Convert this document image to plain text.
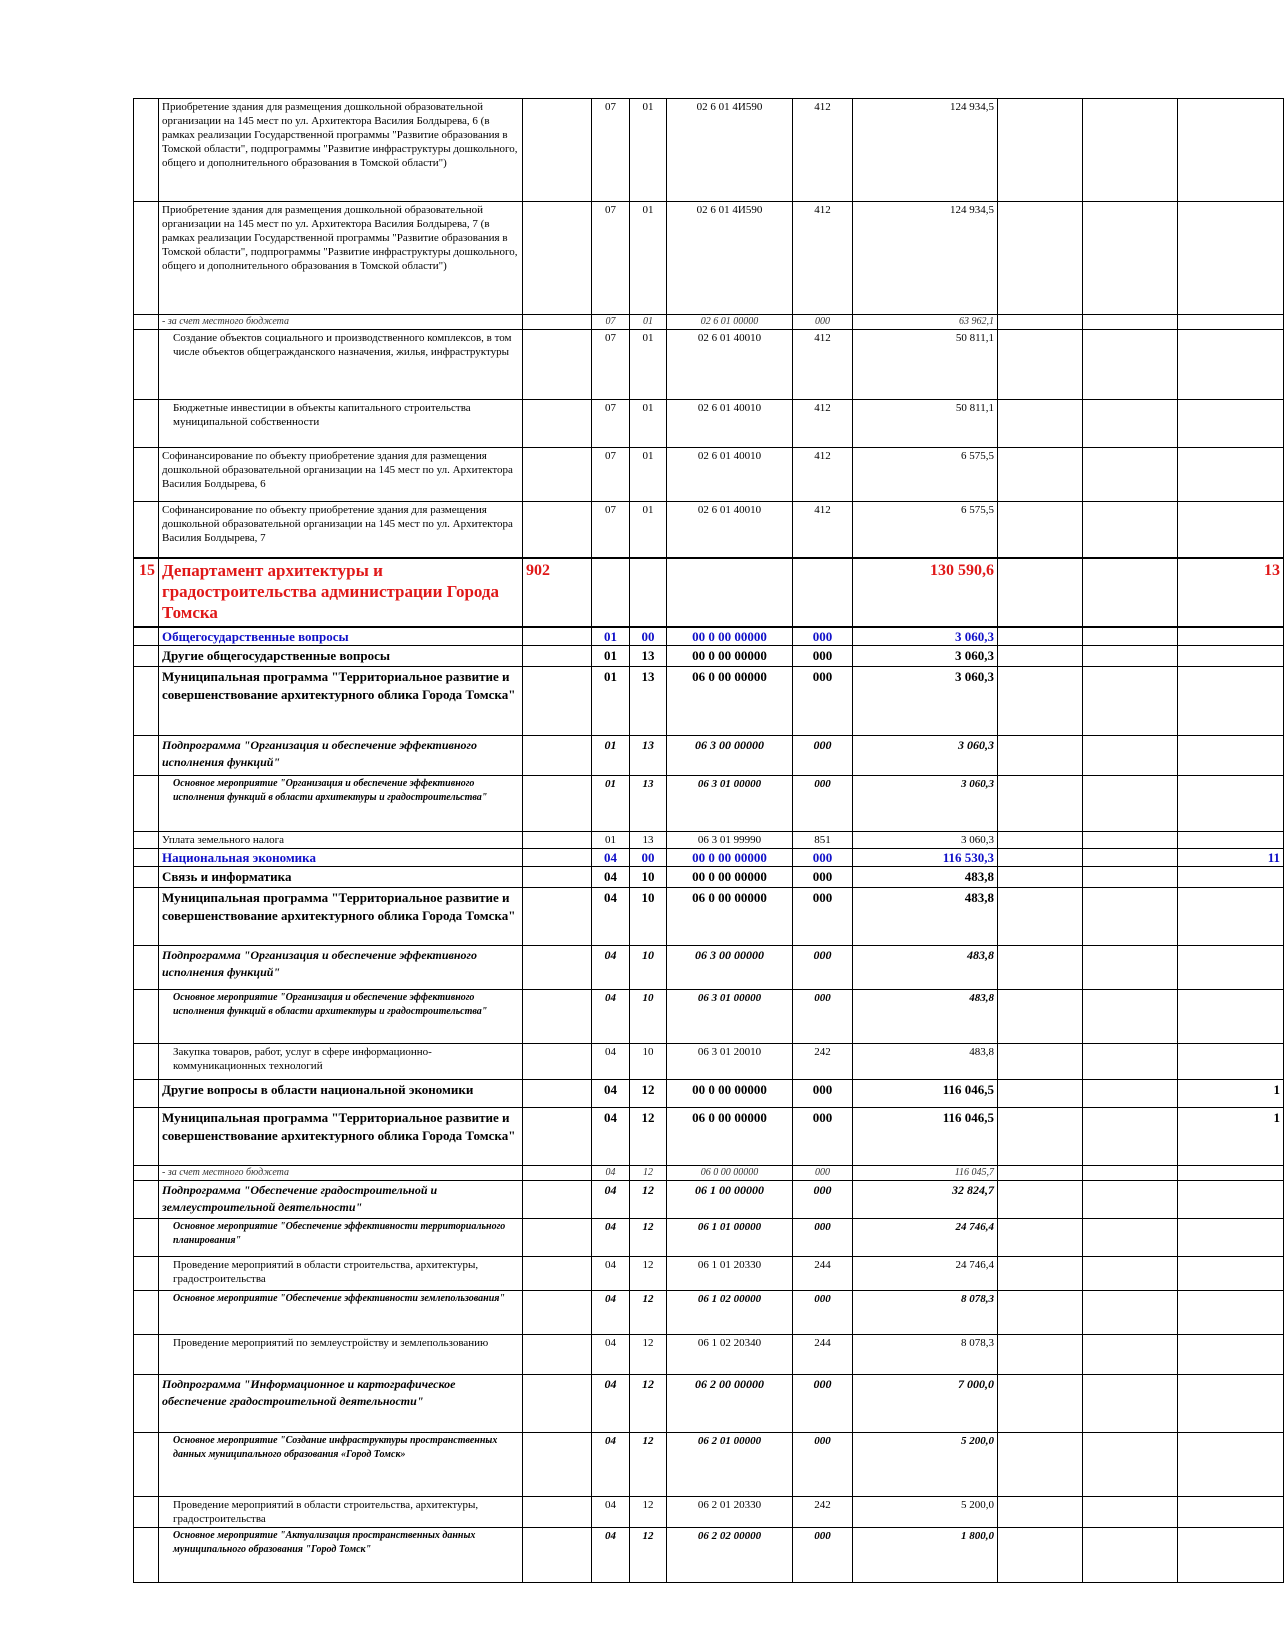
	Приобретение здания для размещения дошкольной образовательной организации на 145 мест по ул. Архитектора Василия Болдырева, 6 (в рамках реализации Государственной программы "Развитие образования в Томской области", подпрограммы "Развитие инфраструктуры дошкольного, общего и дополнительного образования в Томской области")		07	01	02 6 01 4И590	412	124 934,5			
	Приобретение здания для размещения дошкольной образовательной организации на 145 мест по ул. Архитектора Василия Болдырева, 7 (в рамках реализации Государственной программы "Развитие образования в Томской области", подпрограммы "Развитие инфраструктуры дошкольного, общего и дополнительного образования в Томской области")		07	01	02 6 01 4И590	412	124 934,5			
	- за счет местного бюджета		07	01	02 6 01 00000	000	63 962,1			
	Создание объектов социального и производственного комплексов, в том числе объектов общегражданского назначения, жилья, инфраструктуры		07	01	02 6 01 40010	412	50 811,1			
	Бюджетные инвестиции в объекты капитального строительства муниципальной собственности		07	01	02 6 01 40010	412	50 811,1			
	Софинансирование по объекту приобретение здания для размещения дошкольной образовательной организации на 145 мест по ул. Архитектора Василия Болдырева, 6		07	01	02 6 01 40010	412	6 575,5			
	Софинансирование по объекту приобретение здания для размещения дошкольной образовательной организации на 145 мест по ул. Архитектора Василия Болдырева, 7		07	01	02 6 01 40010	412	6 575,5			
15	Департамент архитектуры и градостроительства администрации Города Томска	902					130 590,6			13
	Общегосударственные вопросы		01	00	00 0 00 00000	000	3 060,3			
	Другие общегосударственные вопросы		01	13	00 0 00 00000	000	3 060,3			
	Муниципальная программа "Территориальное развитие и совершенствование архитектурного облика Города Томска"		01	13	06 0 00 00000	000	3 060,3			
	Подпрограмма "Организация и обеспечение эффективного исполнения функций"		01	13	06 3 00 00000	000	3 060,3			
	Основное мероприятие "Организация и обеспечение эффективного исполнения функций в области архитектуры и градостроительства"		01	13	06 3 01 00000	000	3 060,3			
	Уплата земельного налога		01	13	06 3 01 99990	851	3 060,3			
	Национальная экономика		04	00	00 0 00 00000	000	116 530,3			11
	Связь и информатика		04	10	00 0 00 00000	000	483,8			
	Муниципальная программа "Территориальное развитие и совершенствование архитектурного облика Города Томска"		04	10	06 0 00 00000	000	483,8			
	Подпрограмма "Организация и обеспечение эффективного исполнения функций"		04	10	06 3 00 00000	000	483,8			
	Основное мероприятие "Организация и обеспечение эффективного исполнения функций в области архитектуры и градостроительства"		04	10	06 3 01 00000	000	483,8			
	Закупка товаров, работ, услуг в сфере информационно-коммуникационных технологий		04	10	06 3 01 20010	242	483,8			
	Другие вопросы в области национальной экономики		04	12	00 0 00 00000	000	116 046,5			1
	Муниципальная программа "Территориальное развитие и совершенствование архитектурного облика Города Томска"		04	12	06 0 00 00000	000	116 046,5			1
	- за счет местного бюджета		04	12	06 0 00 00000	000	116 045,7			
	Подпрограмма "Обеспечение градостроительной и землеустроительной деятельности"		04	12	06 1 00 00000	000	32 824,7			
	Основное мероприятие "Обеспечение эффективности территориального планирования"		04	12	06 1 01 00000	000	24 746,4			
	Проведение мероприятий в области строительства, архитектуры, градостроительства		04	12	06 1 01 20330	244	24 746,4			
	Основное мероприятие "Обеспечение эффективности землепользования"		04	12	06 1 02 00000	000	8 078,3			
	Проведение мероприятий по землеустройству и землепользованию		04	12	06 1 02 20340	244	8 078,3			
	Подпрограмма "Информационное и картографическое обеспечение градостроительной деятельности"		04	12	06 2 00 00000	000	7 000,0			
	Основное мероприятие "Создание инфраструктуры пространственных данных муниципального образования «Город Томск»		04	12	06 2 01 00000	000	5 200,0			
	Проведение мероприятий в области строительства, архитектуры, градостроительства		04	12	06 2 01 20330	242	5 200,0			
	Основное мероприятие "Актуализация пространственных данных муниципального образования "Город Томск"		04	12	06 2 02 00000	000	1 800,0			
